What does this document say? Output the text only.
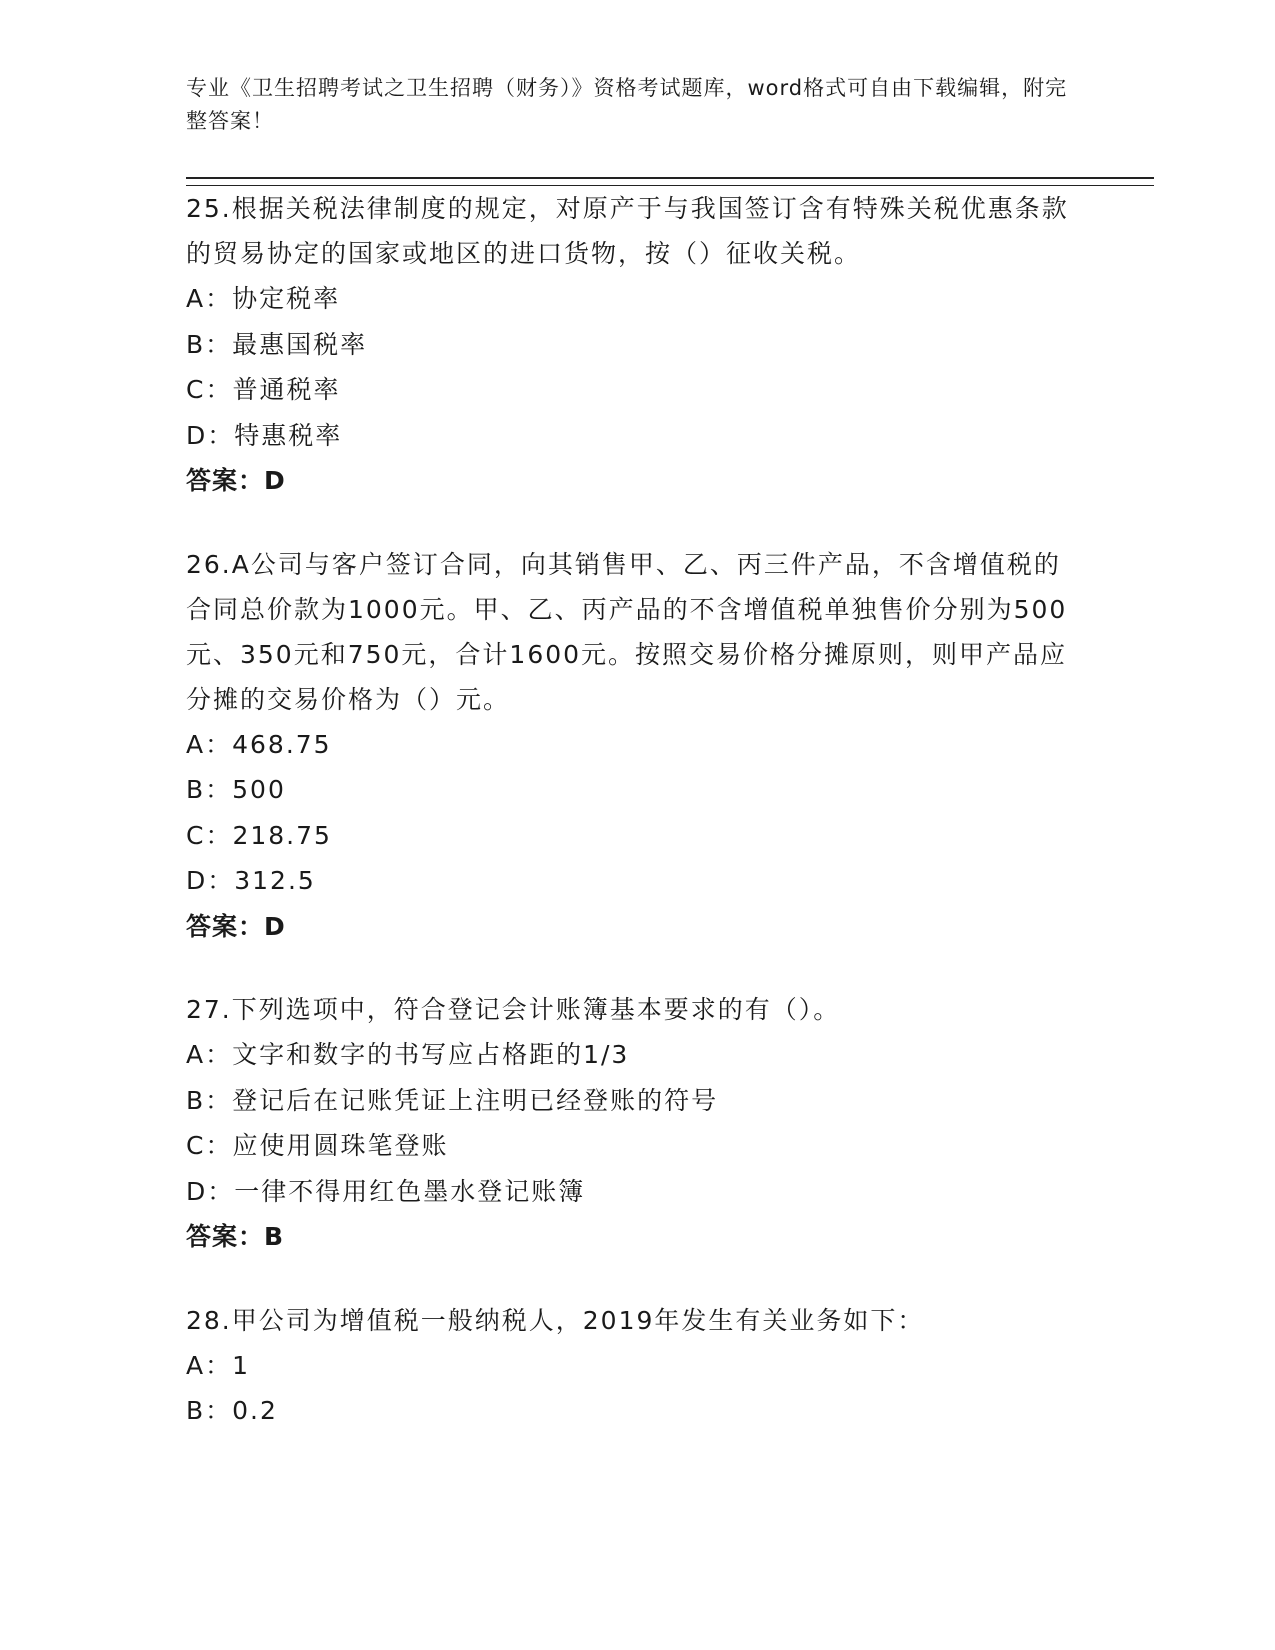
专业《卫生招聘考试之卫生招聘（财务）》资格考试题库，word格式可自由下载编辑，附完整答案！

25.根据关税法律制度的规定，对原产于与我国签订含有特殊关税优惠条款的贸易协定的国家或地区的进口货物，按（）征收关税。

A：协定税率
B：最惠国税率
C：普通税率
D：特惠税率
答案：D

26.A公司与客户签订合同，向其销售甲、乙、丙三件产品，不含增值税的合同总价款为1000元。甲、乙、丙产品的不含增值税单独售价分别为500元、350元和750元，合计1600元。按照交易价格分摊原则，则甲产品应分摊的交易价格为（）元。

A：468.75
B：500
C：218.75
D：312.5
答案：D

27.下列选项中，符合登记会计账簿基本要求的有（）。

A：文字和数字的书写应占格距的1/3
B：登记后在记账凭证上注明已经登账的符号
C：应使用圆珠笔登账
D：一律不得用红色墨水登记账簿
答案：B

28.甲公司为增值税一般纳税人，2019年发生有关业务如下：

A：1
B：0.2
